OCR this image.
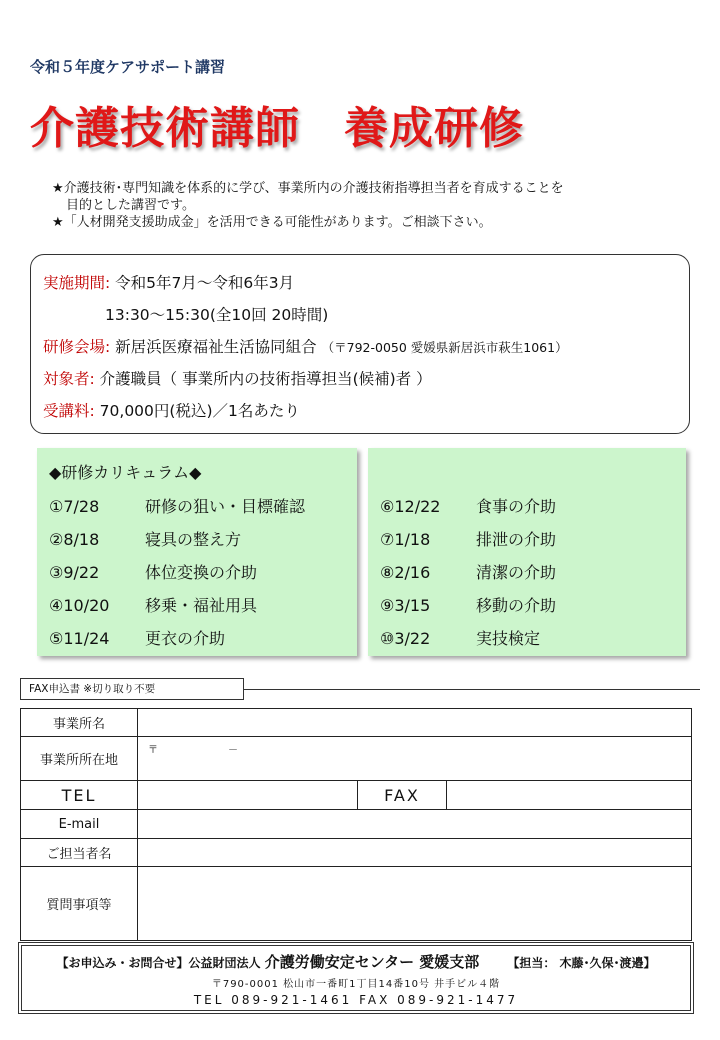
令和５年度ケアサポート講習
介護技術講師 養成研修
★介護技術･専門知識を体系的に学び、事業所内の介護技術指導担当者を育成することを
目的とした講習です。
★「人材開発支援助成金」を活用できる可能性があります。ご相談下さい。
実施期間: 令和5年7月～令和6年3月
13:30～15:30(全10回 20時間)
研修会場: 新居浜医療福祉生活協同組合 （〒792-0050 愛媛県新居浜市萩生1061）
対象者: 介護職員（ 事業所内の技術指導担当(候補)者 ）
受講料: 70,000円(税込)／1名あたり
◆研修カリキュラム◆
①7/28	研修の狙い・目標確認
②8/18	寝具の整え方
③9/22	体位変換の介助
④10/20 移乗・福祉用具
⑤11/24 更衣の介助
⑥12/22 食事の介助
⑦1/18	排泄の介助
⑧2/16	清潔の介助
⑨3/15	移動の介助
⑩3/22	実技検定
FAX申込書 ※切り取り不要
事業所名			
事業所所在地	〒 －		
TEL		FAX	
E-mail			
ご担当者名			
質問事項等			
【お申込み・お問合せ】公益財団法人 介護労働安定センター 愛媛支部 【担当： 木藤･久保･渡邉】
〒790-0001 松山市一番町1丁目14番10号 井手ビル４階
TEL 089-921-1461 FAX 089-921-1477
